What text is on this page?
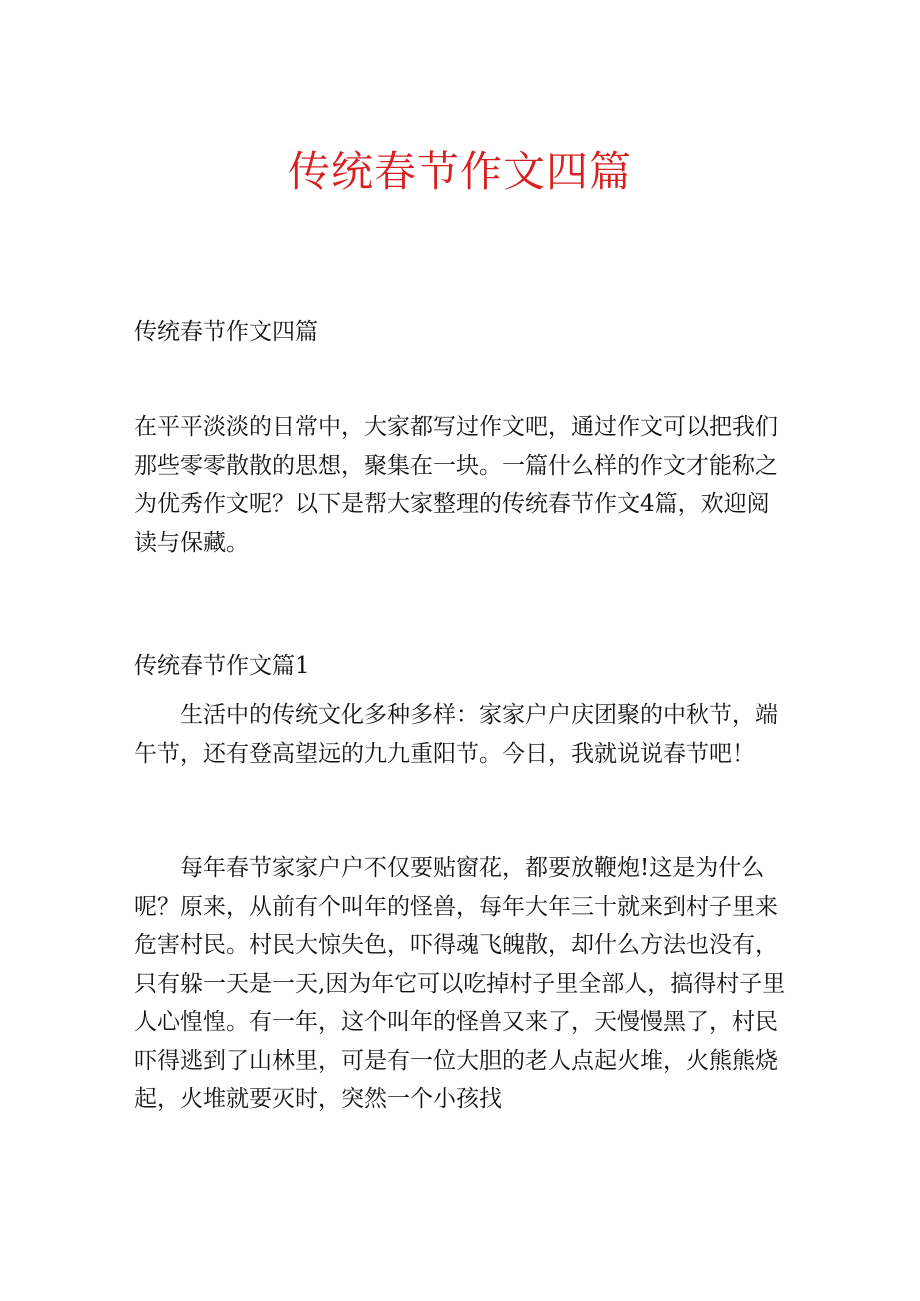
传统春节作文四篇
传统春节作文四篇

在平平淡淡的日常中，大家都写过作文吧，通过作文可以把我们那些零零散散的思想，聚集在一块。一篇什么样的作文才能称之为优秀作文呢？以下是帮大家整理的传统春节作文4篇，欢迎阅读与保藏。

传统春节作文篇1

生活中的传统文化多种多样：家家户户庆团聚的中秋节，端午节，还有登高望远的九九重阳节。今日，我就说说春节吧！

每年春节家家户户不仅要贴窗花，都要放鞭炮!这是为什么呢？原来，从前有个叫年的怪兽，每年大年三十就来到村子里来危害村民。村民大惊失色，吓得魂飞魄散，却什么方法也没有，只有躲一天是一天,因为年它可以吃掉村子里全部人，搞得村子里人心惶惶。有一年，这个叫年的怪兽又来了，天慢慢黑了，村民吓得逃到了山林里，可是有一位大胆的老人点起火堆，火熊熊烧起，火堆就要灭时，突然一个小孩找
